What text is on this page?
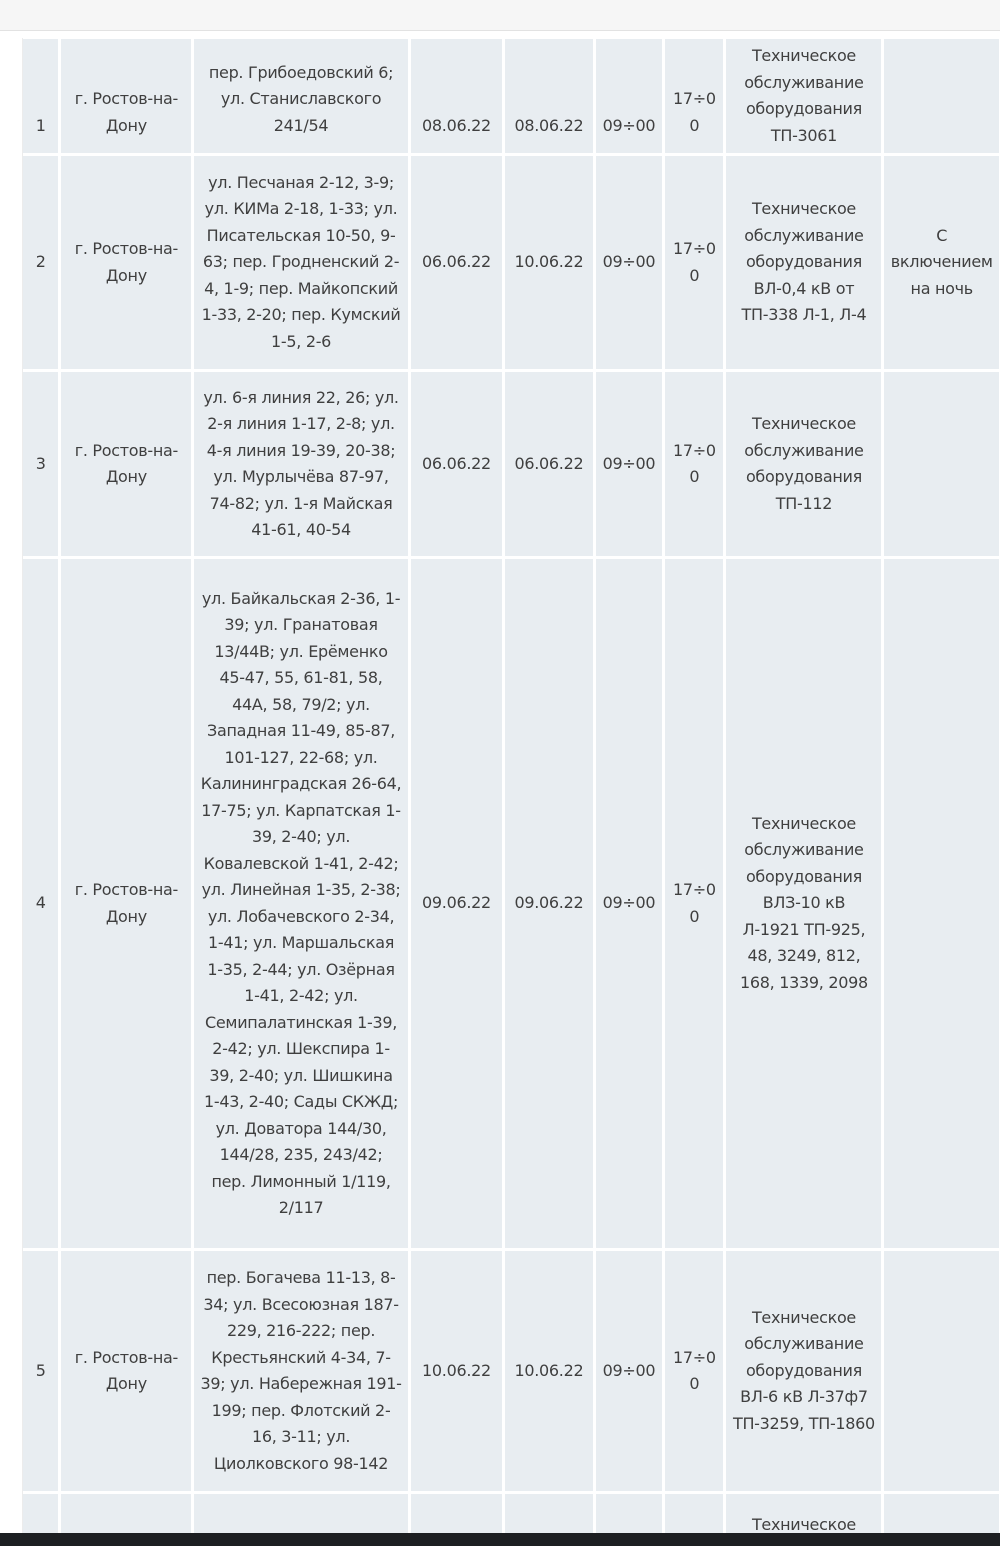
1	г. Ростов-на-Дону	пер. Грибоедовский 6; ул. Станиславского 241/54	08.06.22	08.06.22	09÷00	17÷00	Техническое обслуживание оборудования ТП-3061	
2	г. Ростов-на-Дону	ул. Песчаная 2-12, 3-9; ул. КИМа 2-18, 1-33; ул. Писательская 10-50, 9-63; пер. Гродненский 2-4, 1-9; пер. Майкопский 1-33, 2-20; пер. Кумский 1-5, 2-6	06.06.22	10.06.22	09÷00	17÷00	Техническое обслуживание оборудования ВЛ-0,4 кВ от ТП-338 Л-1, Л-4	С включением на ночь
3	г. Ростов-на-Дону	ул. 6-я линия 22, 26; ул. 2-я линия 1-17, 2-8; ул. 4-я линия 19-39, 20-38; ул. Мурлычёва 87-97, 74-82; ул. 1-я Майская 41-61, 40-54	06.06.22	06.06.22	09÷00	17÷00	Техническое обслуживание оборудования ТП-112	
4	г. Ростов-на-Дону	ул. Байкальская 2-36, 1-39; ул. Гранатовая 13/44В; ул. Ерёменко 45-47, 55, 61-81, 58, 44А, 58, 79/2; ул. Западная 11-49, 85-87, 101-127, 22-68; ул. Калининградская 26-64, 17-75; ул. Карпатская 1-39, 2-40; ул. Ковалевской 1-41, 2-42; ул. Линейная 1-35, 2-38; ул. Лобачевского 2-34, 1-41; ул. Маршальская 1-35, 2-44; ул. Озёрная 1-41, 2-42; ул. Семипалатинская 1-39, 2-42; ул. Шекспира 1-39, 2-40; ул. Шишкина 1-43, 2-40; Сады СКЖД; ул. Доватора 144/30, 144/28, 235, 243/42; пер. Лимонный 1/119, 2/117	09.06.22	09.06.22	09÷00	17÷00	Техническое обслуживание оборудования ВЛЗ-10 кВ Л-1921 ТП-925, 48, 3249, 812, 168, 1339, 2098	
5	г. Ростов-на-Дону	пер. Богачева 11-13, 8-34; ул. Всесоюзная 187-229, 216-222; пер. Крестьянский 4-34, 7-39; ул. Набережная 191-199; пер. Флотский 2-16, 3-11; ул. Циолковского 98-142	10.06.22	10.06.22	09÷00	17÷00	Техническое обслуживание оборудования ВЛ-6 кВ Л-37ф7 ТП-3259, ТП-1860	
							Техническое	
